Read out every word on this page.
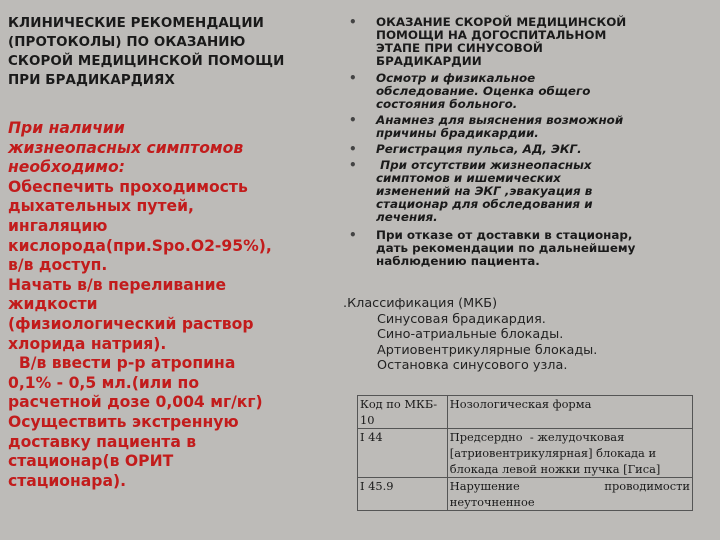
КЛИНИЧЕСКИЕ РЕКОМЕНДАЦИИ
(ПРОТОКОЛЫ) ПО ОКАЗАНИЮ
СКОРОЙ МЕДИЦИНСКОЙ ПОМОЩИ
ПРИ БРАДИКАРДИЯХ
При наличии
жизнеопасных симптомов
необходимо:
Обеспечить проходимость
дыхательных путей,
ингаляцию
кислорода(при.Spo.O2-95%),
в/в доступ.
Начать в/в переливание
жидкости
(физиологический раствор
хлорида натрия).
В/в ввести р-р атропина
0,1% - 0,5 мл.(или по
расчетной дозе 0,004 мг/кг)
Осуществить экстренную
доставку пациента в
стационар(в ОРИТ
стационара).
• ОКАЗАНИЕ СКОРОЙ МЕДИЦИНСКОЙ
ПОМОЩИ НА ДОГОСПИТАЛЬНОМ
ЭТАПЕ ПРИ СИНУСОВОЙ
БРАДИКАРДИИ
• Осмотр и физикальное
обследование. Оценка общего
состояния больного.
• Анамнез для выяснения возможной
причины брадикардии.
• Регистрация пульса, АД, ЭКГ.
• При отсутствии жизнеопасных
симптомов и ишемических
изменений на ЭКГ ,эвакуация в
стационар для обследования и
лечения.
• При отказе от доставки в стационар,
дать рекомендации по дальнейшему
наблюдению пациента.
.Классификация (МКБ)
Синусовая брадикардия.
Сино-атриальные блокады.
Артиовентрикулярные блокады.
Остановка синусового узла.
Код по МКБ-
10	Нозологическая форма

I 44	Предсердно  - желудочковая
[атриовентрикулярная] блокада и
блокада левой ножки пучка [Гиса]

I 45.9	Нарушение проводимости
неуточненное
